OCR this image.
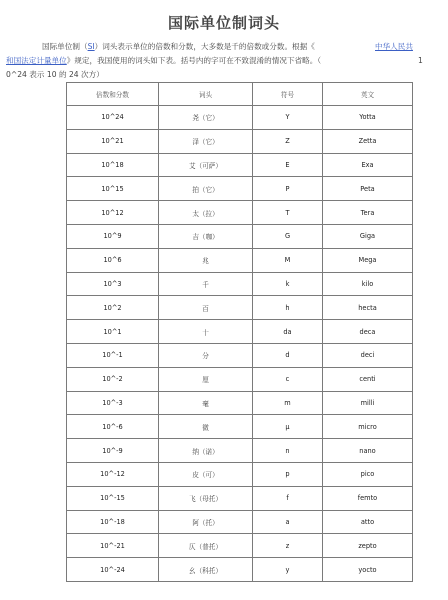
国际单位制词头
国际单位制（SI）词头表示单位的倍数和分数，大多数是千的倍数或分数。根据《	中华人民共
和国法定计量单位》规定，我国使用的词头如下表。括号内的字可在不致混淆的情况下省略。（	1
0^24 表示 10 的 24 次方）
倍数和分数	词头	符号	英文
10^24	尧（它）	Y	Yotta
10^21	泽（它）	Z	Zetta
10^18	艾（可萨）	E	Exa
10^15	拍（它）	P	Peta
10^12	太（拉）	T	Tera
10^9	吉（咖）	G	Giga
10^6	兆	M	Mega
10^3	千	k	kilo
10^2	百	h	hecta
10^1	十	da	deca
10^-1	分	d	deci
10^-2	厘	c	centi
10^-3	毫	m	milli
10^-6	微	μ	micro
10^-9	纳（诺）	n	nano
10^-12	皮（可）	p	pico
10^-15	飞（母托）	f	femto
10^-18	阿（托）	a	atto
10^-21	仄（普托）	z	zepto
10^-24	幺（科托）	y	yocto
